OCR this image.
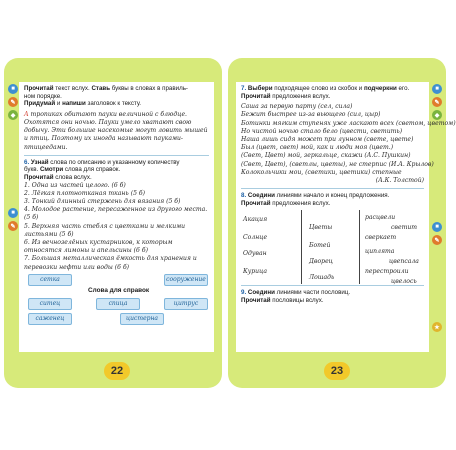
■
✎
◆
■
✎
Прочитай текст вслух. Ставь буквы в словах в правиль-
ном порядке.
Придумай и напиши заголовок к тексту.
А тропиках обитают пауки величиной с блюдце.
Охотятся они ночью. Пауки умело хватают свою
добычу. Эти большие насекомые могут ловить мышей
и птиц. Поэтому их иногда называют пауками-
птицеедами.
6. Узнай слова по описанию и указанному количеству
букв. Смотри слова для справок.
Прочитай слова вслух.
1. Одна из частей целого. (6 б)
2. Лёгкая плотнотканая ткань (5 б)
3. Тонкий длинный стержень для вязания (5 б)
4. Молодое растение, пересаженное из другого места.
(5 б)
5. Верхняя часть стебля с цветками и мелкими
листьями (5 б)
6. Из вечнозелёных кустарников, к которым
относятся лимоны и апельсины (6 б)
7. Большая металлическая ёмкость для хранения и
перевозки нефти или воды (6 б)
сетка	сооружение
Слова для справок
ситец	спица	цитрус
саженец	цистерна
22
■
✎
◆
■
✎
★
7. Выбери подходящее слово из скобок и подчеркни его.
Прочитай предложения вслух.
Саша за первую парту (сел, сила)
Бежит быстрее из-за вьющего (сил, цыр)
Ботинки мягким ступенях уже ласкают всех (светом, цветом)
Но чистой ночью стало бело (цвести, светить)
Наша лишь сидя может при лунном (свете, цвете)
Был (цвет, свет) мой, как и люди моя (цвет.)
(Свет, Цвет) мой, зеркальце, скажи (А.С. Пушкин)
(Свет, Цвет), (светлы, цветы), не стерпис (И.А. Крылов)
Колокольчики мои, (светики, цветики) степные
(А.К. Толстой)
8. Соедини линиями начало и конец предложения.
Прочитай предложения вслух.
Акация
Солнце
Одуван
Курица
Цветы
Ботей
Дворец
Лошадь
расцвели
светит
сверкает
циплята
цвепсала
перестроили
цвелось
9. Соедини линиями части пословиц.
Прочитай пословицы вслух.
23
